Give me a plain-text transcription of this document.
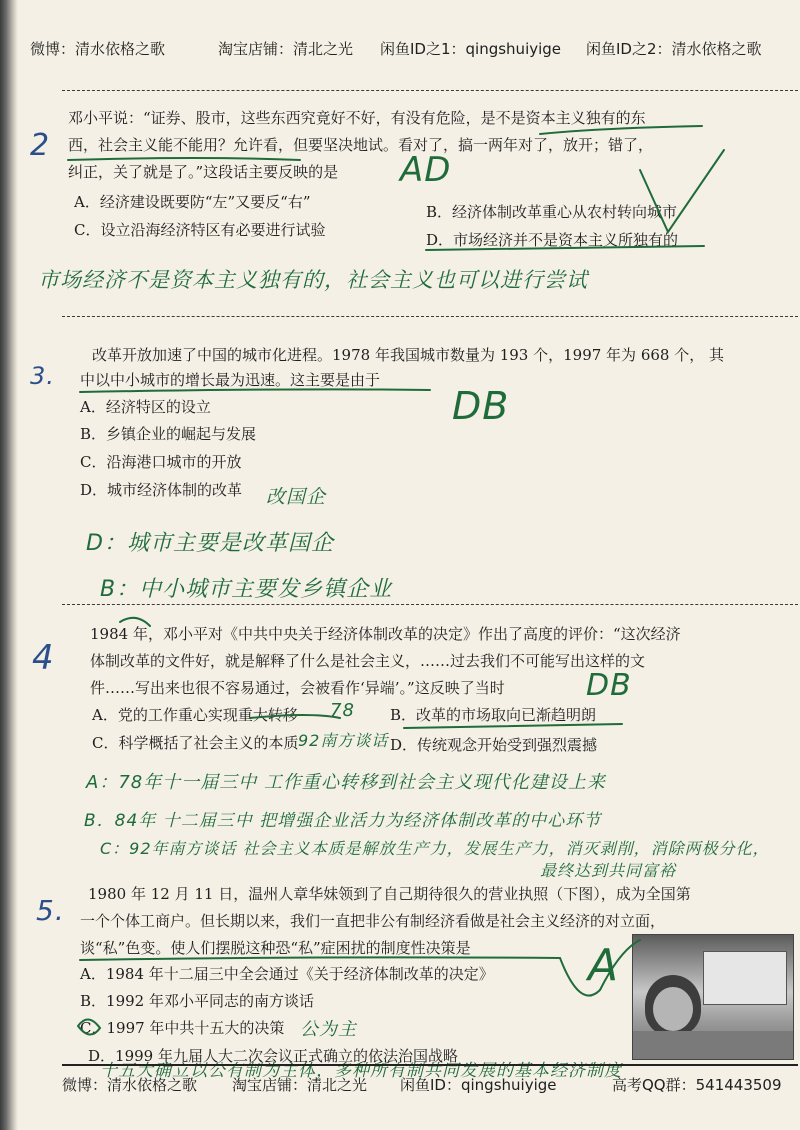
微博：清水依格之歌	淘宝店铺：清北之光 闲鱼ID之1：qingshuiyige 闲鱼ID之2：清水依格之歌
2
邓小平说：“证券、股市，这些东西究竟好不好，有没有危险，是不是资本主义独有的东
西，社会主义能不能用？允许看，但要坚决地试。看对了，搞一两年对了，放开；错了，
纠正，关了就是了。”这段话主要反映的是
A．经济建设既要防“左”又要反“右”
B．经济体制改革重心从农村转向城市
C．设立沿海经济特区有必要进行试验
D．市场经济并不是资本主义所独有的
AD
市场经济不是资本主义独有的，社会主义也可以进行尝试
3.
改革开放加速了中国的城市化进程。1978 年我国城市数量为 193 个，1997 年为 668 个， 其
中以中小城市的增长最为迅速。这主要是由于
A．经济特区的设立
B．乡镇企业的崛起与发展
C．沿海港口城市的开放
D．城市经济体制的改革 改国企
DB
D：城市主要是改革国企
B：中小城市主要发乡镇企业
4
1984 年，邓小平对《中共中央关于经济体制改革的决定》作出了高度的评价：“这次经济
体制改革的文件好，就是解释了什么是社会主义，……过去我们不可能写出这样的文
件……写出来也很不容易通过，会被看作‘异端’。”这反映了当时
A．党的工作重心实现重大转移	B．改革的市场取向已渐趋明朗
C．科学概括了社会主义的本质	D．传统观念开始受到强烈震撼
78
92南方谈话
DB
A：78年十一届三中 工作重心转移到社会主义现代化建设上来
B．84年 十二届三中 把增强企业活力为经济体制改革的中心环节
C：92年南方谈话 社会主义本质是解放生产力，发展生产力，消灭剥削，消除两极分化，
最终达到共同富裕
5. 1980 年 12 月 11 日，温州人章华妹领到了自己期待很久的营业执照（下图），成为全国第
一个个体工商户。但长期以来，我们一直把非公有制经济看做是社会主义经济的对立面，
谈“私”色变。使人们摆脱这种恐“私”症困扰的制度性决策是
A．1984 年十二届三中全会通过《关于经济体制改革的决定》
B．1992 年邓小平同志的南方谈话
C．1997 年中共十五大的决策
D．1999 年九届人大二次会议正式确立的依法治国战略
公为主
A
十五大确立以公有制为主体，多种所有制共同发展的基本经济制度
微博：清水依格之歌 淘宝店铺：清北之光 闲鱼ID：qingshuiyige	高考QQ群：541443509
